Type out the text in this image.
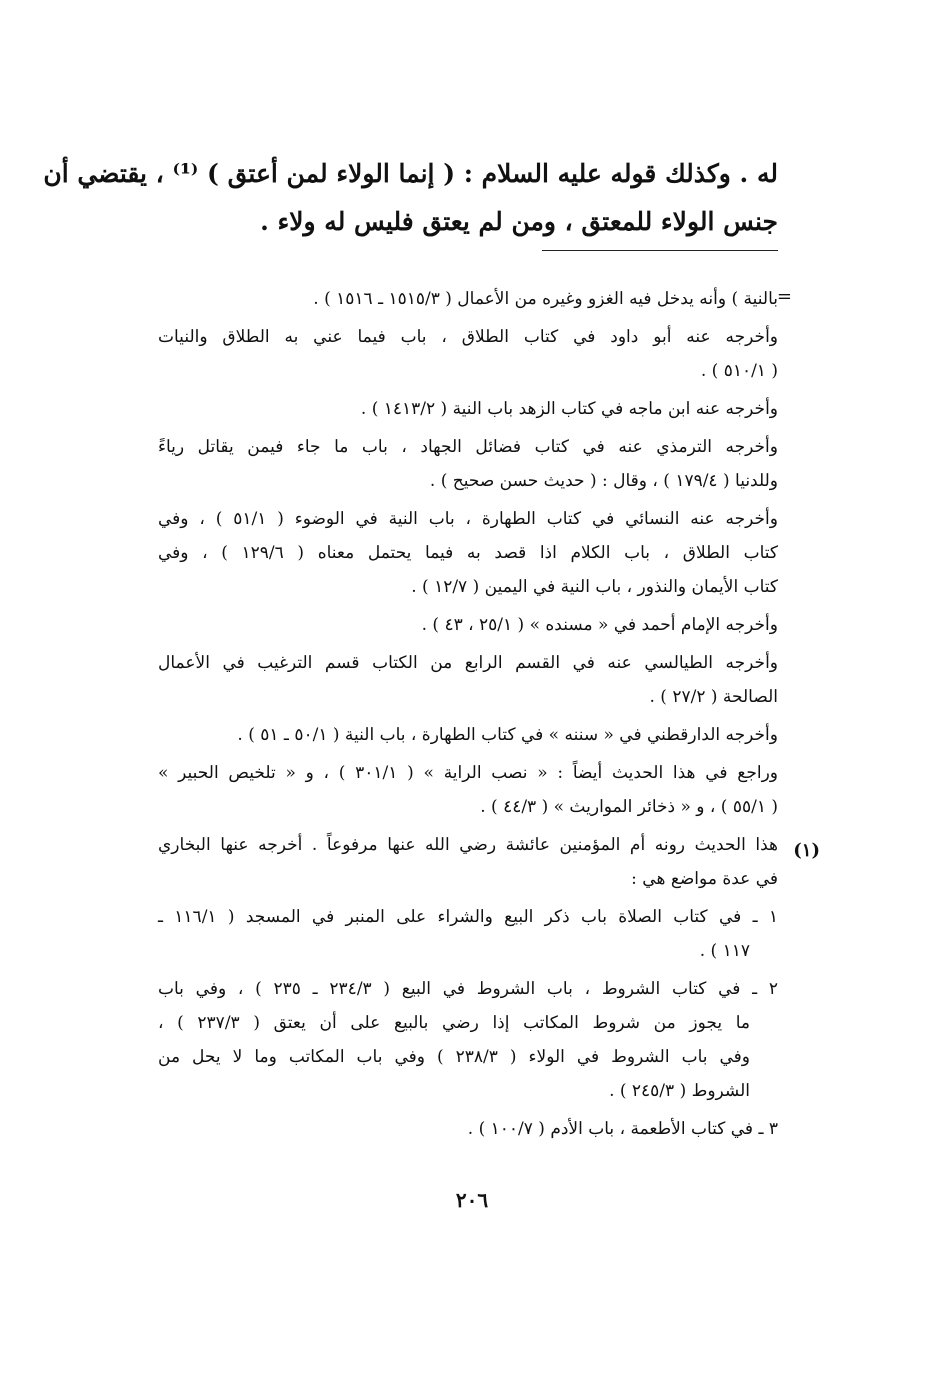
له . وكذلك قوله عليه السلام : ( إنما الولاء لمن أعتق ) ⁽¹⁾ ، يقتضي أن
جنس الولاء للمعتق ، ومن لم يعتق فليس له ولاء .
=
(١)
بالنية ) وأنه يدخل فيه الغزو وغيره من الأعمال ( ١٥١٥/٣ ـ ١٥١٦ ) .
وأخرجه عنه أبو داود في كتاب الطلاق ، باب فيما عني به الطلاق والنيات
( ٥١٠/١ ) .
وأخرجه عنه ابن ماجه في كتاب الزهد باب النية ( ١٤١٣/٢ ) .
وأخرجه الترمذي عنه في كتاب فضائل الجهاد ، باب ما جاء فيمن يقاتل رياءً
وللدنيا ( ١٧٩/٤ ) ، وقال : ( حديث حسن صحيح ) .
وأخرجه عنه النسائي في كتاب الطهارة ، باب النية في الوضوء ( ٥١/١ ) ، وفي
كتاب الطلاق ، باب الكلام اذا قصد به فيما يحتمل معناه ( ١٢٩/٦ ) ، وفي
كتاب الأيمان والنذور ، باب النية في اليمين ( ١٢/٧ ) .
وأخرجه الإمام أحمد في « مسنده » ( ٢٥/١ ، ٤٣ ) .
وأخرجه الطيالسي عنه في القسم الرابع من الكتاب قسم الترغيب في الأعمال
الصالحة ( ٢٧/٢ ) .
وأخرجه الدارقطني في « سننه » في كتاب الطهارة ، باب النية ( ٥٠/١ ـ ٥١ ) .
وراجع في هذا الحديث أيضاً : « نصب الراية » ( ٣٠١/١ ) ، و « تلخيص الحبير »
( ٥٥/١ ) ، و « ذخائر المواريث » ( ٤٤/٣ ) .
هذا الحديث رونه أم المؤمنين عائشة رضي الله عنها مرفوعاً . أخرجه عنها البخاري
في عدة مواضع هي :
١ ـ في كتاب الصلاة باب ذكر البيع والشراء على المنبر في المسجد ( ١١٦/١ ـ
١١٧ ) .
٢ ـ في كتاب الشروط ، باب الشروط في البيع ( ٢٣٤/٣ ـ ٢٣٥ ) ، وفي باب
ما يجوز من شروط المكاتب إذا رضي بالبيع على أن يعتق ( ٢٣٧/٣ ) ،
وفي باب الشروط في الولاء ( ٢٣٨/٣ ) وفي باب المكاتب وما لا يحل من
الشروط ( ٢٤٥/٣ ) .
٣ ـ في كتاب الأطعمة ، باب الأدم ( ١٠٠/٧ ) .
٢٠٦
